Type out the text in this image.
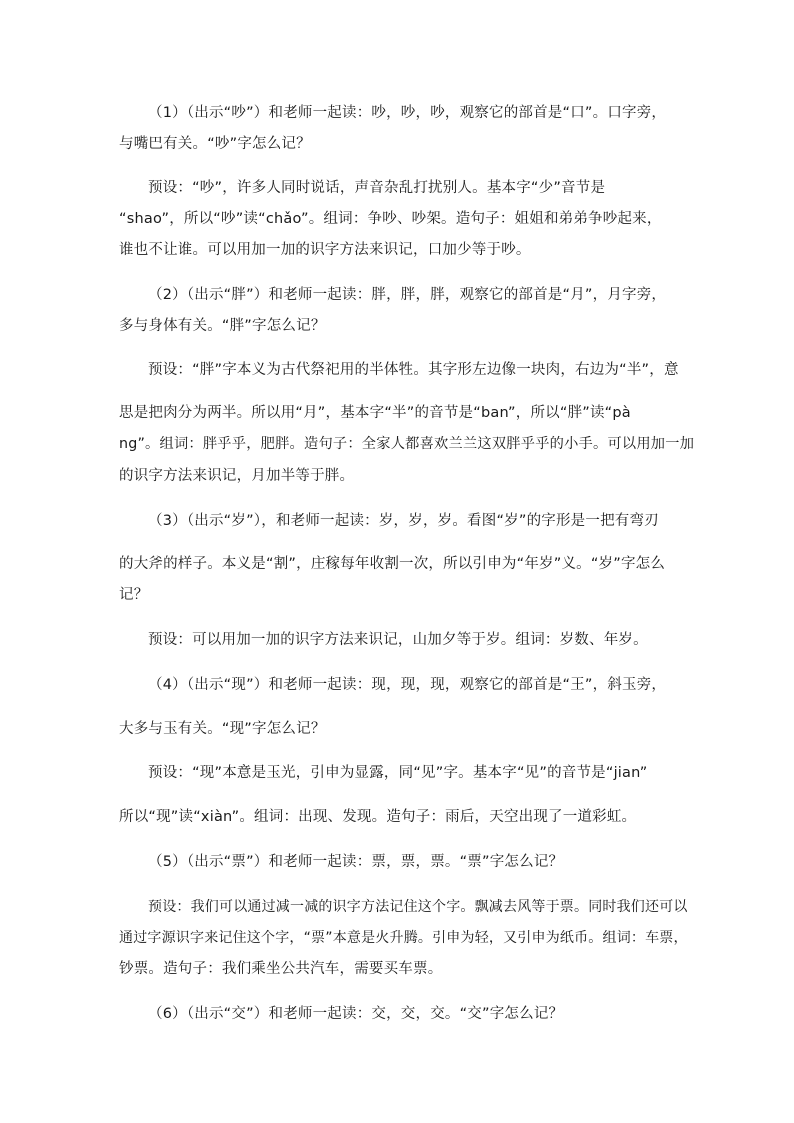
（1）（出示“吵”）和老师一起读：吵，吵，吵，观察它的部首是“口”。口字旁，
与嘴巴有关。“吵”字怎么记？
预设：“吵”，许多人同时说话，声音杂乱打扰别人。基本字“少”音节是
“shao”，所以“吵”读“chǎo”。组词：争吵、吵架。造句子：姐姐和弟弟争吵起来，
谁也不让谁。可以用加一加的识字方法来识记，口加少等于吵。
（2）（出示“胖”）和老师一起读：胖，胖，胖，观察它的部首是“月”，月字旁，
多与身体有关。“胖”字怎么记？
预设：“胖”字本义为古代祭祀用的半体牲。其字形左边像一块肉，右边为“半”，意
思是把肉分为两半。所以用“月”，基本字“半”的音节是“ban”，所以“胖”读“pà
ng”。组词：胖乎乎，肥胖。造句子：全家人都喜欢兰兰这双胖乎乎的小手。可以用加一加
的识字方法来识记，月加半等于胖。
（3）（出示“岁”），和老师一起读：岁，岁，岁。看图“岁”的字形是一把有弯刃
的大斧的样子。本义是“割”，庄稼每年收割一次，所以引申为“年岁”义。“岁”字怎么
记？
预设：可以用加一加的识字方法来识记，山加夕等于岁。组词：岁数、年岁。
（4）（出示“现”）和老师一起读：现，现，现，观察它的部首是“王”，斜玉旁，
大多与玉有关。“现”字怎么记？
预设：“现”本意是玉光，引申为显露，同“见”字。基本字“见”的音节是“jian”
所以“现”读“xiàn”。组词：出现、发现。造句子：雨后，天空出现了一道彩虹。
（5）（出示“票”）和老师一起读：票，票，票。“票”字怎么记？
预设：我们可以通过减一减的识字方法记住这个字。飘减去风等于票。同时我们还可以
通过字源识字来记住这个字，“票”本意是火升腾。引申为轻，又引申为纸币。组词：车票，
钞票。造句子：我们乘坐公共汽车，需要买车票。
（6）（出示“交”）和老师一起读：交，交，交。“交”字怎么记？
